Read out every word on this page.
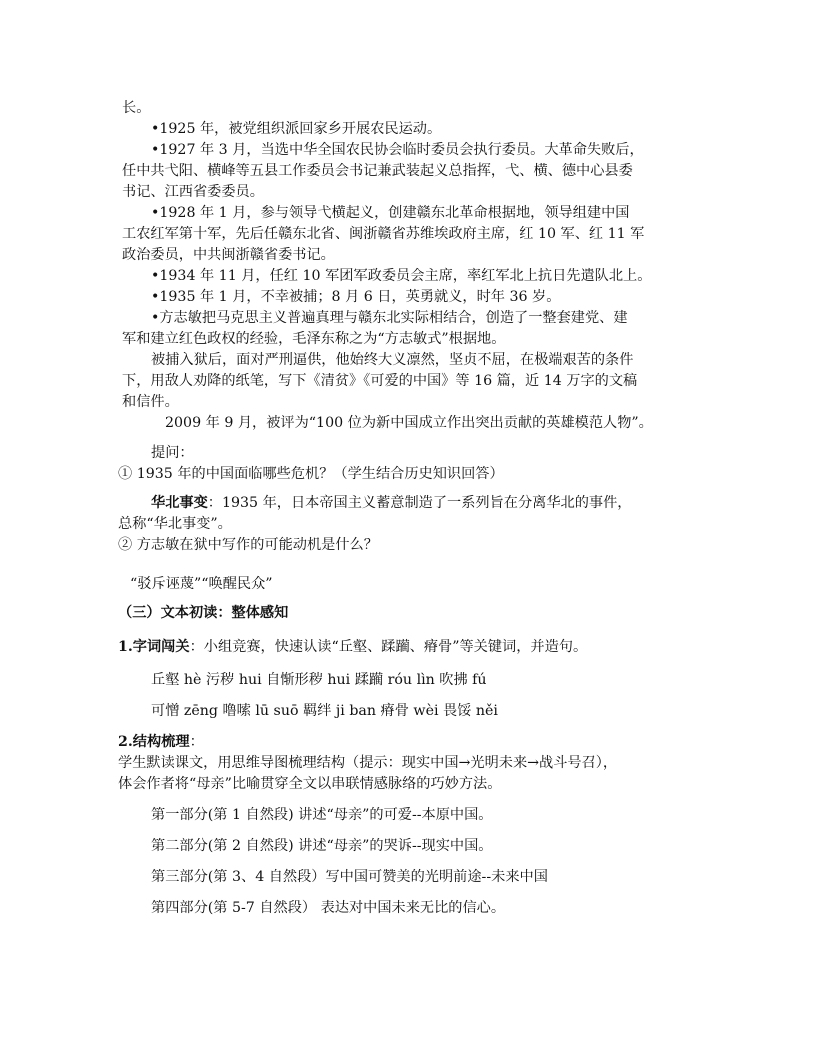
长。
•1925 年，被党组织派回家乡开展农民运动。
•1927 年 3 月，当选中华全国农民协会临时委员会执行委员。大革命失败后，
任中共弋阳、横峰等五县工作委员会书记兼武装起义总指挥，弋、横、德中心县委
书记、江西省委委员。
•1928 年 1 月，参与领导弋横起义，创建赣东北革命根据地，领导组建中国
工农红军第十军，先后任赣东北省、闽浙赣省苏维埃政府主席，红 10 军、红 11 军
政治委员，中共闽浙赣省委书记。
•1934 年 11 月，任红 10 军团军政委员会主席，率红军北上抗日先遣队北上。
•1935 年 1 月，不幸被捕；8 月 6 日，英勇就义，时年 36 岁。
•方志敏把马克思主义普遍真理与赣东北实际相结合，创造了一整套建党、建
军和建立红色政权的经验，毛泽东称之为“方志敏式”根据地。
被捕入狱后，面对严刑逼供，他始终大义凛然，坚贞不屈，在极端艰苦的条件
下，用敌人劝降的纸笔，写下《清贫》《可爱的中国》等 16 篇，近 14 万字的文稿
和信件。
2009 年 9 月，被评为“100 位为新中国成立作出突出贡献的英雄模范人物”。
提问：
① 1935 年的中国面临哪些危机？（学生结合历史知识回答）
华北事变：1935 年，日本帝国主义蓄意制造了一系列旨在分离华北的事件，
总称“华北事变”。
② 方志敏在狱中写作的可能动机是什么？
“驳斥诬蔑”“唤醒民众”
（三）文本初读：整体感知
1.字词闯关：小组竞赛，快速认读“丘壑、蹂躏、瘠骨”等关键词，并造句。
丘壑 hè 污秽 hui 自惭形秽 hui 蹂躏 róu lìn 吹拂 fú
可憎 zēng 噜嗦 lū suō 羁绊 ji ban 瘠骨 wèi 畏馁 něi
2.结构梳理：
学生默读课文，用思维导图梳理结构（提示：现实中国→光明未来→战斗号召），
体会作者将“母亲”比喻贯穿全文以串联情感脉络的巧妙方法。
第一部分(第 1 自然段) 讲述“母亲”的可爱--本原中国。
第二部分(第 2 自然段) 讲述“母亲”的哭诉--现实中国。
第三部分(第 3、4 自然段）写中国可赞美的光明前途--未来中国
第四部分(第 5-7 自然段） 表达对中国未来无比的信心。
